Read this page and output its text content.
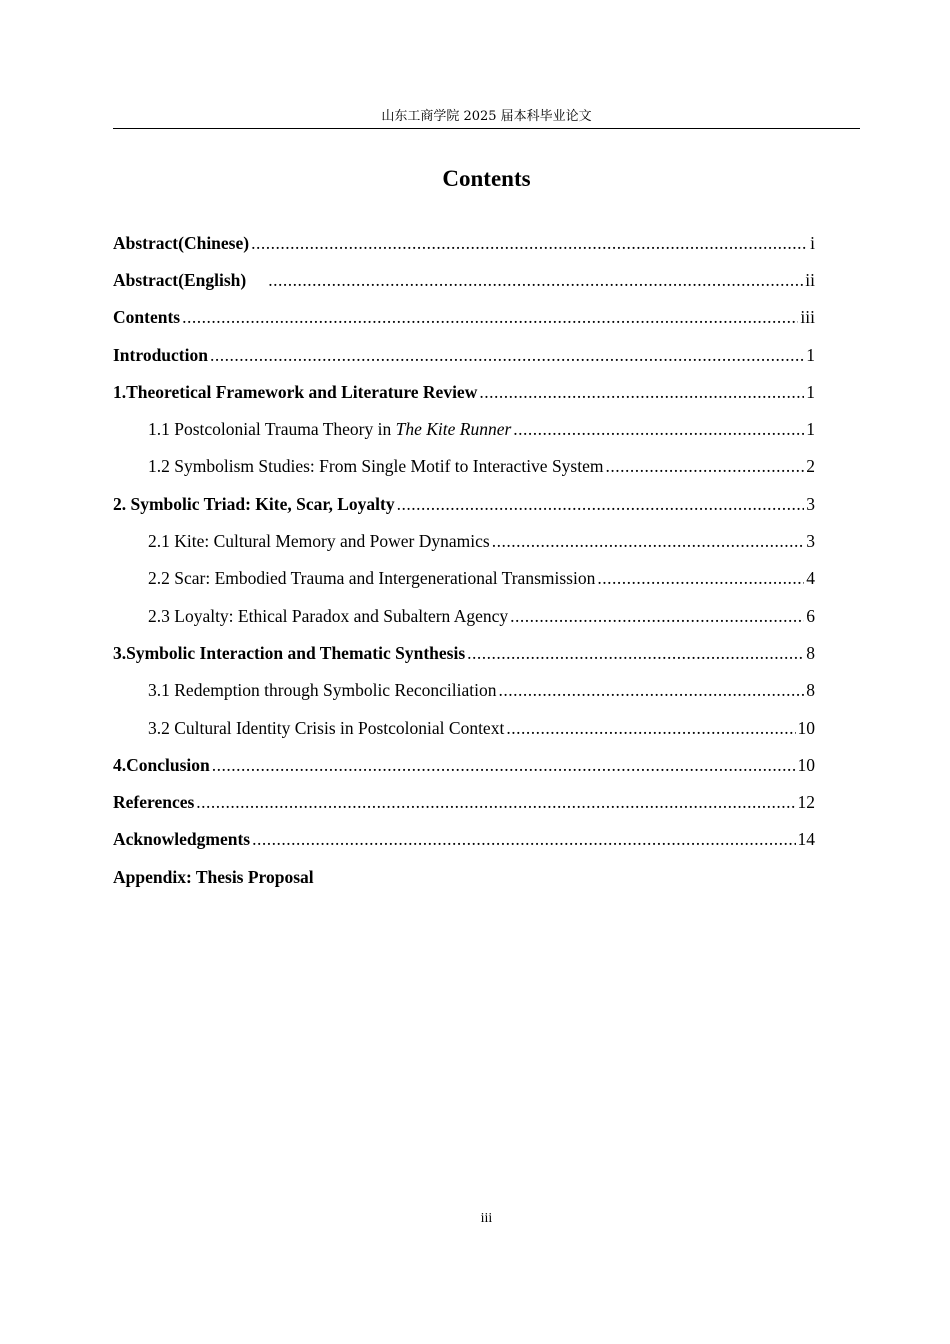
山东工商学院 2025 届本科毕业论文
Contents
Abstract(Chinese) .....	i
Abstract(English) .....	ii
Contents .....	iii
Introduction .....	1
1.Theoretical Framework and Literature Review .....	1
1.1 Postcolonial Trauma Theory in The Kite Runner .....	1
1.2 Symbolism Studies: From Single Motif to Interactive System .....	2
2. Symbolic Triad: Kite, Scar, Loyalty .....	3
2.1 Kite: Cultural Memory and Power Dynamics .....	3
2.2 Scar: Embodied Trauma and Intergenerational Transmission .....	4
2.3 Loyalty: Ethical Paradox and Subaltern Agency .....	6
3.Symbolic Interaction and Thematic Synthesis .....	8
3.1 Redemption through Symbolic Reconciliation .....	8
3.2 Cultural Identity Crisis in Postcolonial Context .....	10
4.Conclusion .....	10
References .....	12
Acknowledgments .....	14
Appendix: Thesis Proposal
iii
